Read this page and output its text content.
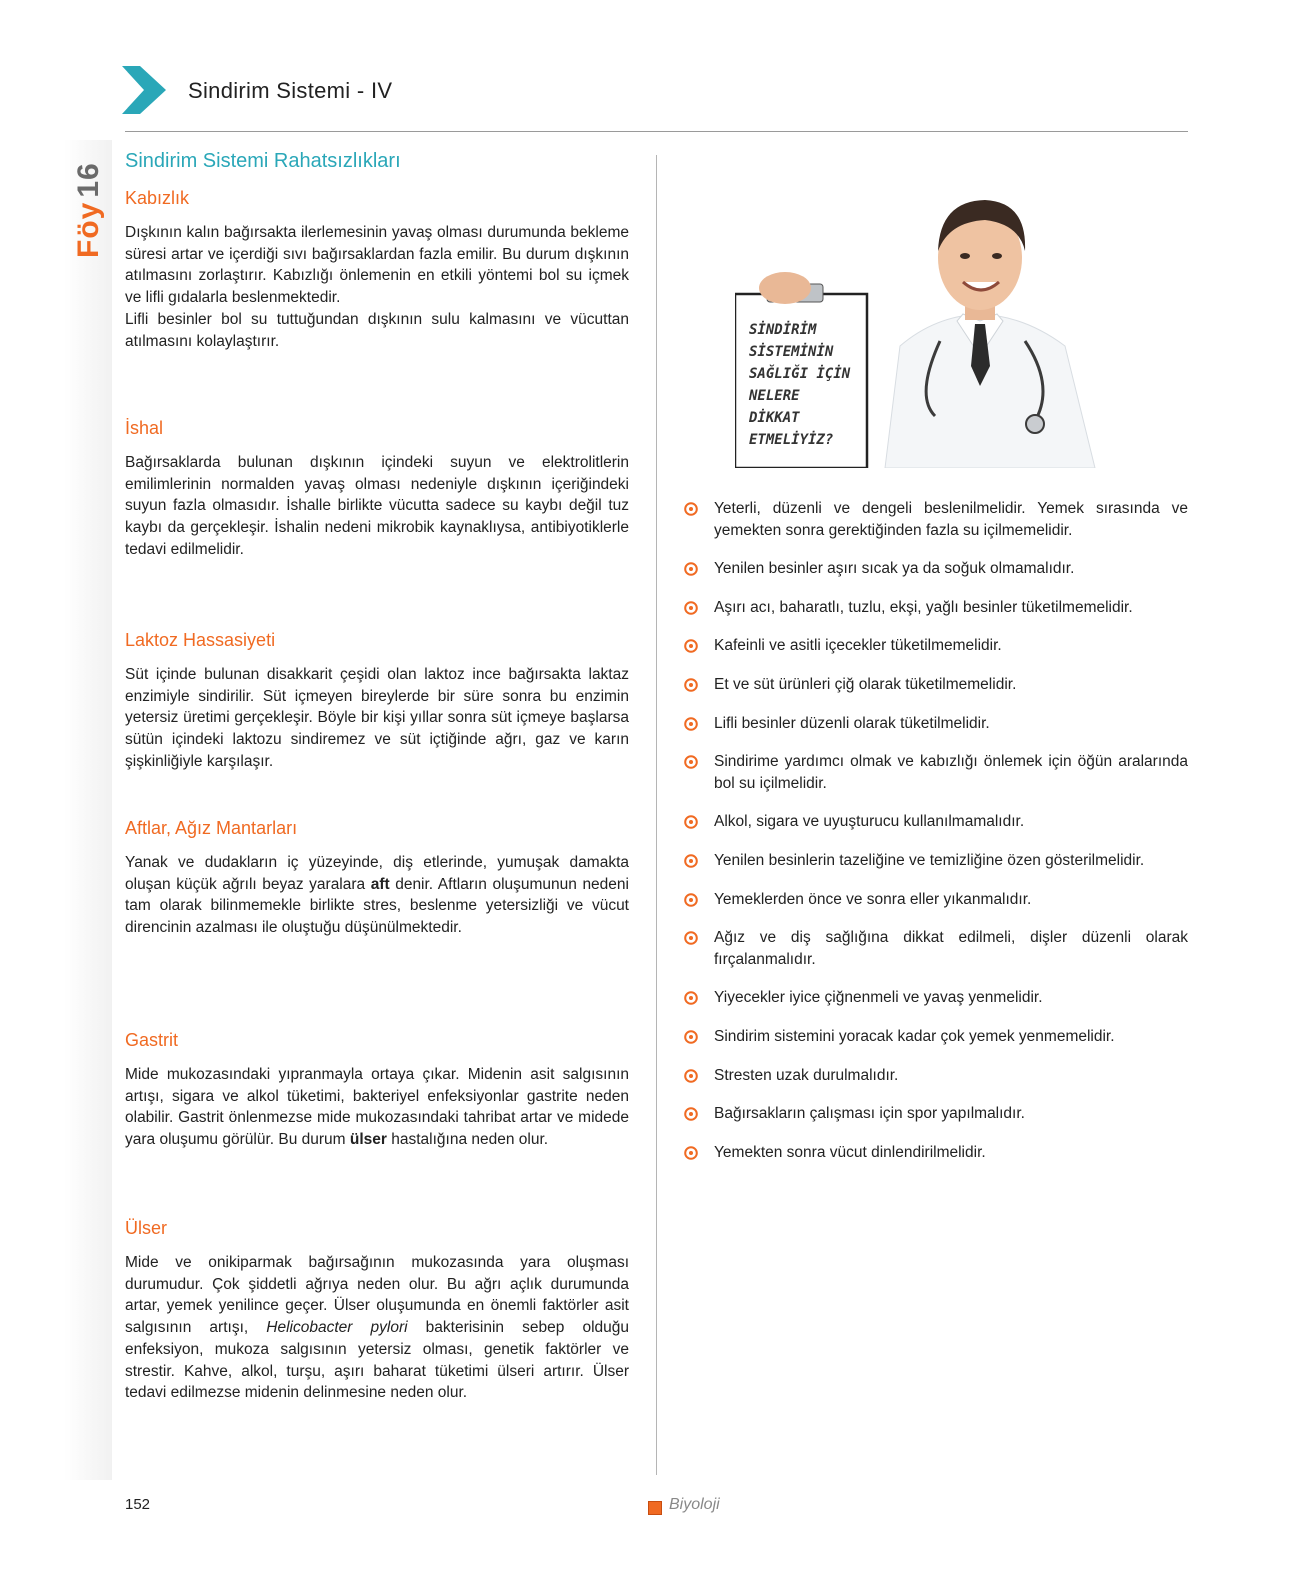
Sindirim Sistemi - IV
Föy16
Sindirim Sistemi Rahatsızlıkları
Kabızlık
Dışkının kalın bağırsakta ilerlemesinin yavaş olması durumunda bekleme süresi artar ve içerdiği sıvı bağırsaklardan fazla emilir. Bu durum dışkının atılmasını zorlaştırır. Kabızlığı önlemenin en etkili yöntemi bol su içmek ve lifli gıdalarla beslenmektedir.
Lifli besinler bol su tuttuğundan dışkının sulu kalmasını ve vücuttan atılmasını kolaylaştırır.
İshal
Bağırsaklarda bulunan dışkının içindeki suyun ve elektrolitlerin emilimlerinin normalden yavaş olması nedeniyle dışkının içeriğindeki suyun fazla olmasıdır. İshalle birlikte vücutta sadece su kaybı değil tuz kaybı da gerçekleşir. İshalin nedeni mikrobik kaynaklıysa, antibiyotiklerle tedavi edilmelidir.
Laktoz Hassasiyeti
Süt içinde bulunan disakkarit çeşidi olan laktoz ince bağırsakta laktaz enzimiyle sindirilir. Süt içmeyen bireylerde bir süre sonra bu enzimin yetersiz üretimi gerçekleşir. Böyle bir kişi yıllar sonra süt içmeye başlarsa sütün içindeki laktozu sindiremez ve süt içtiğinde ağrı, gaz ve karın şişkinliğiyle karşılaşır.
Aftlar, Ağız Mantarları
Yanak ve dudakların iç yüzeyinde, diş etlerinde, yumuşak damakta oluşan küçük ağrılı beyaz yaralara aft denir. Aftların oluşumunun nedeni tam olarak bilinmemekle birlikte stres, beslenme yetersizliği ve vücut direncinin azalması ile oluştuğu düşünülmektedir.
Gastrit
Mide mukozasındaki yıpranmayla ortaya çıkar. Midenin asit salgısının artışı, sigara ve alkol tüketimi, bakteriyel enfeksiyonlar gastrite neden olabilir. Gastrit önlenmezse mide mukozasındaki tahribat artar ve midede yara oluşumu görülür. Bu durum ülser hastalığına neden olur.
Ülser
Mide ve onikiparmak bağırsağının mukozasında yara oluşması durumudur. Çok şiddetli ağrıya neden olur. Bu ağrı açlık durumunda artar, yemek yenilince geçer. Ülser oluşumunda en önemli faktörler asit salgısının artışı, Helicobacter pylori bakterisinin sebep olduğu enfeksiyon, mukoza salgısının yetersiz olması, genetik faktörler ve strestir. Kahve, alkol, turşu, aşırı baharat tüketimi ülseri artırır. Ülser tedavi edilmezse midenin delinmesine neden olur.
SİNDİRİM
SİSTEMİNİN
SAĞLIĞI İÇİN
NELERE
DİKKAT
ETMELİYİZ?
Yeterli, düzenli ve dengeli beslenilmelidir. Yemek sırasında ve yemekten sonra gerektiğinden fazla su içilmemelidir.
Yenilen besinler aşırı sıcak ya da soğuk olmamalıdır.
Aşırı acı, baharatlı, tuzlu, ekşi, yağlı besinler tüketilmemelidir.
Kafeinli ve asitli içecekler tüketilmemelidir.
Et ve süt ürünleri çiğ olarak tüketilmemelidir.
Lifli besinler düzenli olarak tüketilmelidir.
Sindirime yardımcı olmak ve kabızlığı önlemek için öğün aralarında bol su içilmelidir.
Alkol, sigara ve uyuşturucu kullanılmamalıdır.
Yenilen besinlerin tazeliğine ve temizliğine özen gösterilmelidir.
Yemeklerden önce ve sonra eller yıkanmalıdır.
Ağız ve diş sağlığına dikkat edilmeli, dişler düzenli olarak fırçalanmalıdır.
Yiyecekler iyice çiğnenmeli ve yavaş yenmelidir.
Sindirim sistemini yoracak kadar çok yemek yenmemelidir.
Stresten uzak durulmalıdır.
Bağırsakların çalışması için spor yapılmalıdır.
Yemekten sonra vücut dinlendirilmelidir.
152	Biyoloji
